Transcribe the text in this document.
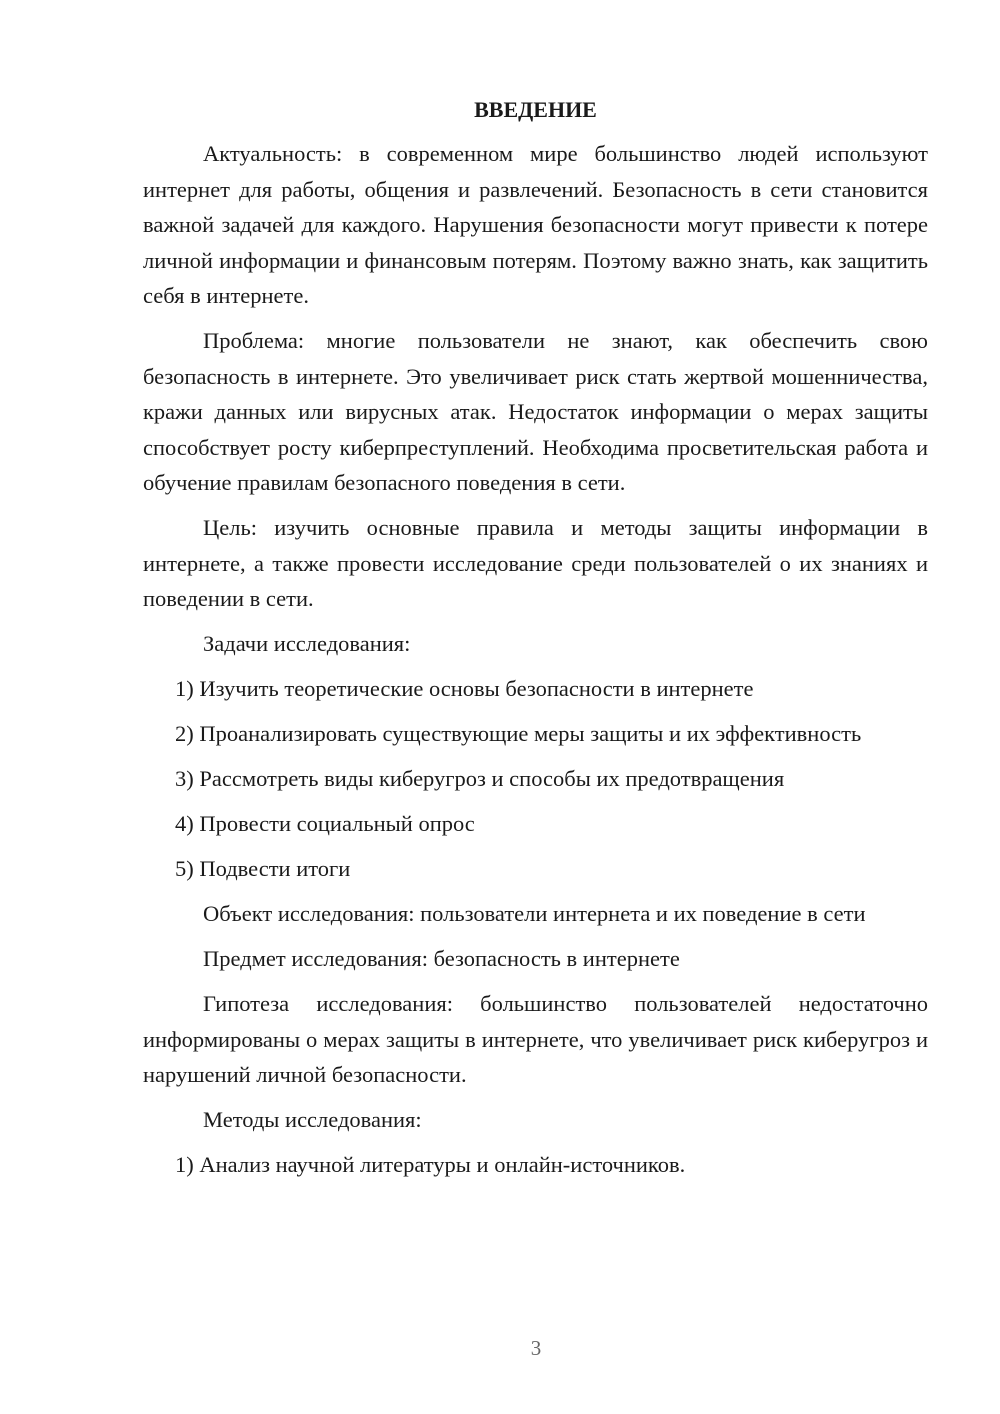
ВВЕДЕНИЕ

Актуальность: в современном мире большинство людей используют интернет для работы, общения и развлечений. Безопасность в сети становится важной задачей для каждого. Нарушения безопасности могут привести к потере личной информации и финансовым потерям. Поэтому важно знать, как защитить себя в интернете.

Проблема: многие пользователи не знают, как обеспечить свою безопасность в интернете. Это увеличивает риск стать жертвой мошенничества, кражи данных или вирусных атак. Недостаток информации о мерах защиты способствует росту киберпреступлений. Необходима просветительская работа и обучение правилам безопасного поведения в сети.

Цель: изучить основные правила и методы защиты информации в интернете, а также провести исследование среди пользователей о их знаниях и поведении в сети.

Задачи исследования:

1) Изучить теоретические основы безопасности в интернете

2) Проанализировать существующие меры защиты и их эффективность

3) Рассмотреть виды киберугроз и способы их предотвращения

4) Провести социальный опрос

5) Подвести итоги

Объект исследования: пользователи интернета и их поведение в сети

Предмет исследования: безопасность в интернете

Гипотеза исследования: большинство пользователей недостаточно информированы о мерах защиты в интернете, что увеличивает риск киберугроз и нарушений личной безопасности.

Методы исследования:

1) Анализ научной литературы и онлайн-источников.

3
